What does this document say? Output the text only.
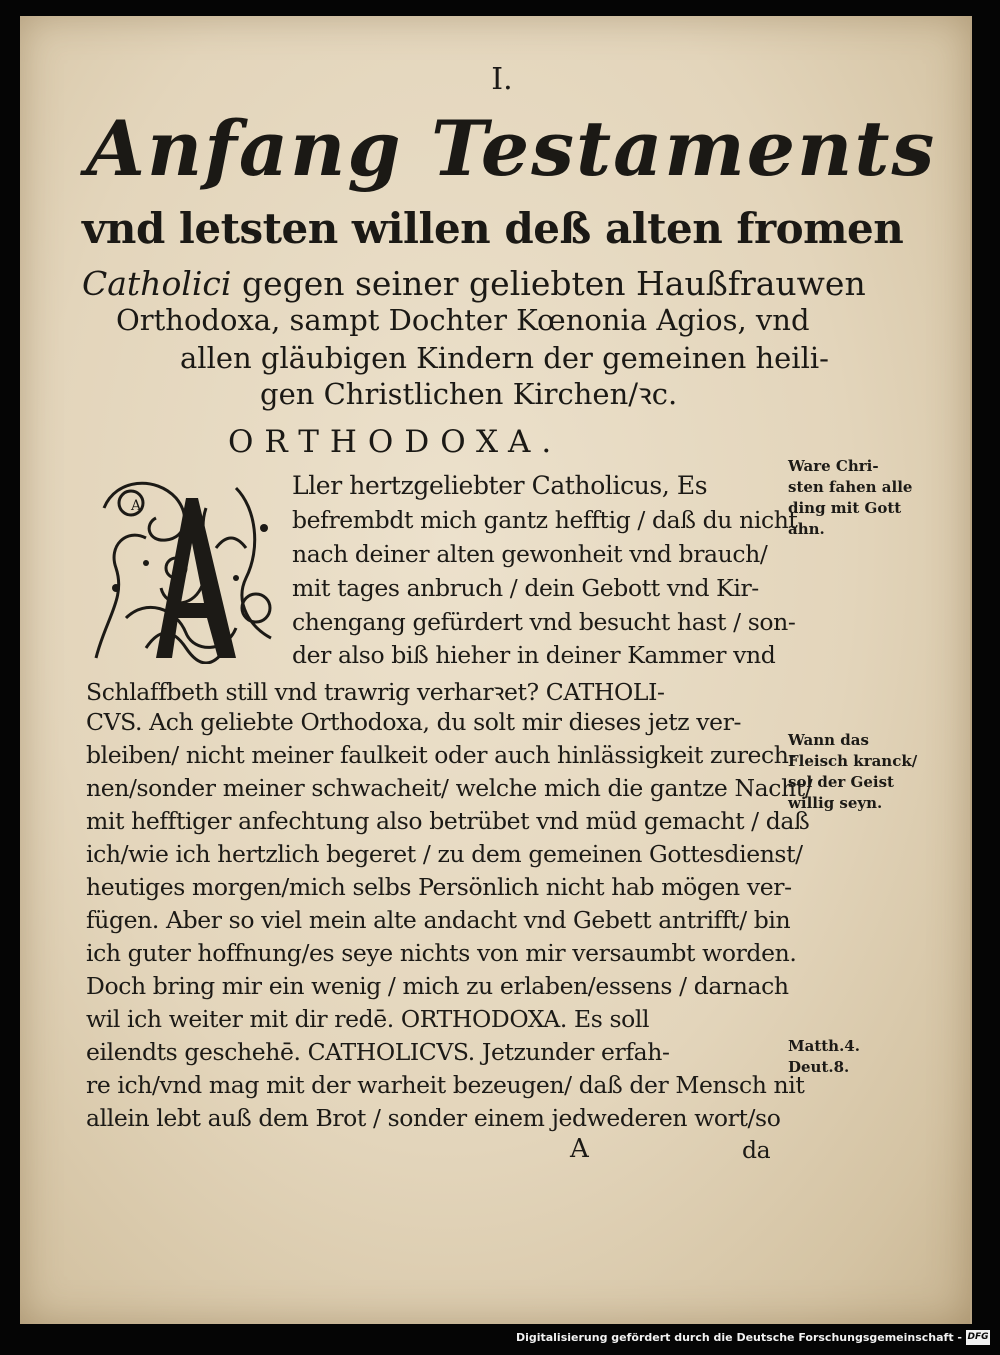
I.
Anfang Testaments
vnd letsten willen deß alten fromen
Catholici gegen seiner geliebten Haußfrauwen
Orthodoxa, sampt Dochter Kœnonia Agios, vnd
allen gläubigen Kindern der gemeinen heili-
gen Christlichen Kirchen/ꝛc.
ORTHODOXA.
A
Ller hertzgeliebter Catholicus, Es
befrembdt mich gantz hefftig / daß du nicht
nach deiner alten gewonheit vnd brauch/
mit tages anbruch / dein Gebott vnd Kir-
chengang gefürdert vnd besucht hast / son-
der also biß hieher in deiner Kammer vnd
Schlaffbeth still vnd trawrig verharꝛet? CATHOLI-
CVS. Ach geliebte Orthodoxa, du solt mir dieses jetz ver-
bleiben/ nicht meiner faulkeit oder auch hinlässigkeit zurech-
nen/sonder meiner schwacheit/ welche mich die gantze Nacht/
mit hefftiger anfechtung also betrübet vnd müd gemacht / daß
ich/wie ich hertzlich begeret / zu dem gemeinen Gottesdienst/
heutiges morgen/mich selbs Persönlich nicht hab mögen ver-
fügen. Aber so viel mein alte andacht vnd Gebett antrifft/ bin
ich guter hoffnung/es seye nichts von mir versaumbt worden.
Doch bring mir ein wenig / mich zu erlaben/essens / darnach
wil ich weiter mit dir redē. ORTHODOXA. Es soll
eilendts geschehē. CATHOLICVS. Jetzunder erfah-
re ich/vnd mag mit der warheit bezeugen/ daß der Mensch nit
allein lebt auß dem Brot / sonder einem jedwederen wort/so
A	da
Ware Chri-
sten fahen alle
ding mit Gott
ahn.
Wann das
Fleisch kranck/
sol der Geist
willig seyn.
Matth.4.
Deut.8.
Digitalisierung gefördert durch die Deutsche Forschungsgemeinschaft - DFG
